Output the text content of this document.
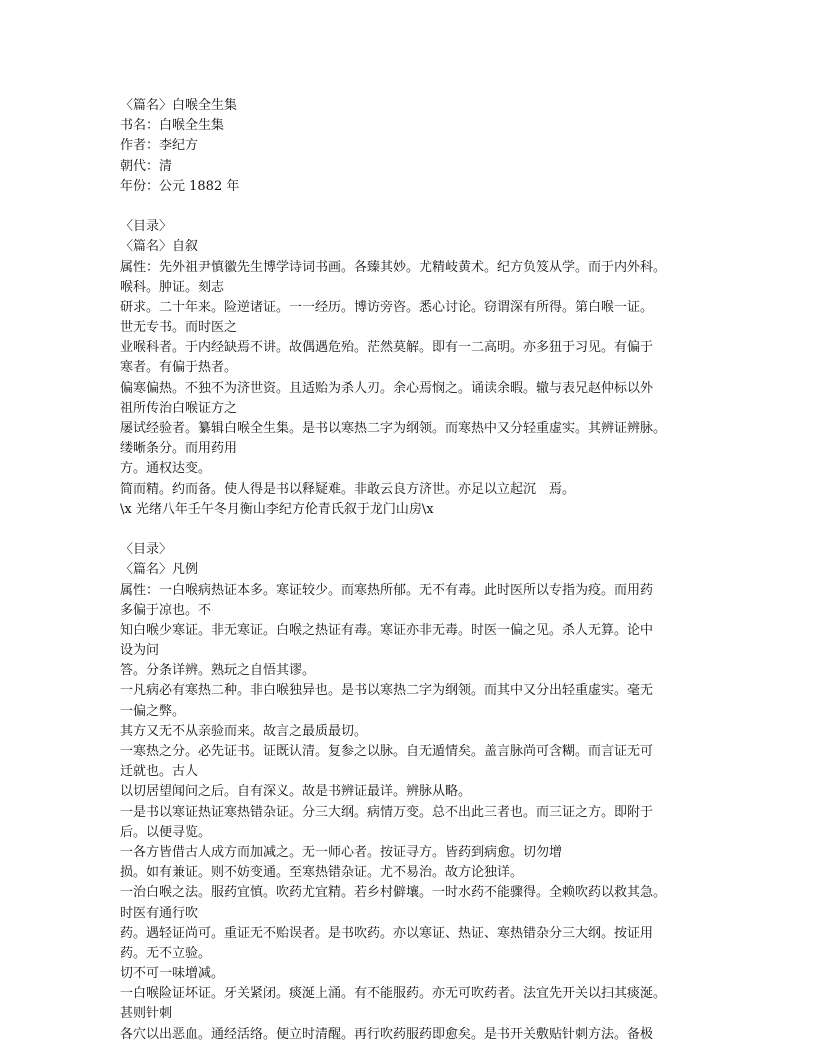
〈篇名〉白喉全生集

书名：白喉全生集

作者：李纪方

朝代：清

年份：公元 1882 年

〈目录〉

〈篇名〉自叙

属性：先外祖尹慎徽先生博学诗词书画。各臻其妙。尤精岐黄术。纪方负笈从学。而于内外科。

喉科。肿证。刻志

研求。二十年来。险逆诸证。一一经历。博访旁咨。悉心讨论。窃谓深有所得。第白喉一证。

世无专书。而时医之

业喉科者。于内经缺焉不讲。故偶遇危殆。茫然莫解。即有一二高明。亦多狃于习见。有偏于

寒者。有偏于热者。

偏寒偏热。不独不为济世资。且适贻为杀人刃。余心焉悯之。诵读余暇。辙与表兄赵仲标以外

祖所传治白喉证方之

屡试经验者。纂辑白喉全生集。是书以寒热二字为纲领。而寒热中又分轻重虚实。其辨证辨脉。

缕晰条分。而用药用

方。通权达变。

简而精。约而备。使人得是书以释疑难。非敢云良方济世。亦足以立起沉　焉。

\x 光绪八年壬午冬月衡山李纪方伦青氏叙于龙门山房\x

〈目录〉

〈篇名〉凡例

属性：一白喉病热证本多。寒证较少。而寒热所郁。无不有毒。此时医所以专指为疫。而用药

多偏于凉也。不

知白喉少寒证。非无寒证。白喉之热证有毒。寒证亦非无毒。时医一偏之见。杀人无算。论中

设为问

答。分条详辨。熟玩之自悟其谬。

一凡病必有寒热二种。非白喉独异也。是书以寒热二字为纲领。而其中又分出轻重虚实。毫无

一偏之弊。

其方又无不从亲验而来。故言之最质最切。

一寒热之分。必先证书。证既认清。复参之以脉。自无遁情矣。盖言脉尚可含糊。而言证无可

迁就也。古人

以切居望闻问之后。自有深义。故是书辨证最详。辨脉从略。

一是书以寒证热证寒热错杂证。分三大纲。病情万变。总不出此三者也。而三证之方。即附于

后。以便寻览。

一各方皆借古人成方而加减之。无一师心者。按证寻方。皆药到病愈。切勿增

损。如有兼证。则不妨变通。至寒热错杂证。尤不易治。故方论独详。

一治白喉之法。服药宜慎。吹药尤宜精。若乡村僻壤。一时水药不能骤得。全赖吹药以救其急。

时医有通行吹

药。遇轻证尚可。重证无不贻误者。是书吹药。亦以寒证、热证、寒热错杂分三大纲。按证用

药。无不立验。

切不可一味增减。

一白喉险证坏证。牙关紧闭。痰涎上涌。有不能服药。亦无可吹药者。法宜先开关以扫其痰涎。

甚则针刺

各穴以出恶血。通经活络。便立时清醒。再行吹药服药即愈矣。是书开关敷贴针刺方法。备极
